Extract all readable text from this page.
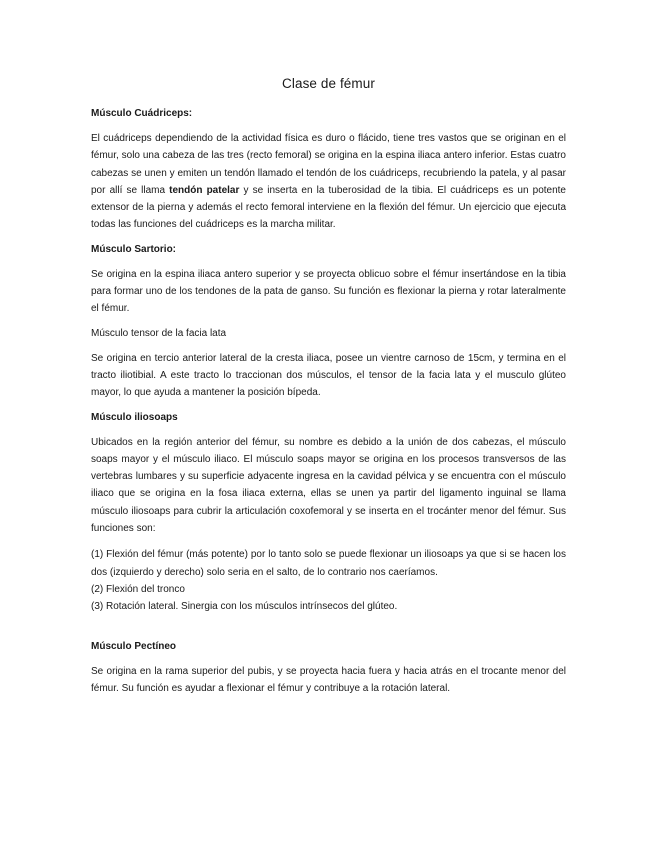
Clase de fémur
Músculo Cuádriceps:

El cuádriceps dependiendo de la actividad física es duro o flácido, tiene tres vastos que se originan en el fémur, solo una cabeza de las tres (recto femoral) se origina en la espina iliaca antero inferior. Estas cuatro cabezas se unen y emiten un tendón llamado el tendón de los cuádriceps, recubriendo la patela, y al pasar por allí se llama tendón patelar y se inserta en la tuberosidad de la tibia. El cuádriceps es un potente extensor de la pierna y además el recto femoral interviene en la flexión del fémur. Un ejercicio que ejecuta todas las funciones del cuádriceps es la marcha militar.

Músculo Sartorio:

Se origina en la espina iliaca antero superior y se proyecta oblicuo sobre el fémur insertándose en la tibia para formar uno de los tendones de la pata de ganso. Su función es flexionar la pierna y rotar lateralmente el fémur.

Músculo tensor de la facia lata

Se origina en tercio anterior lateral de la cresta iliaca, posee un vientre carnoso de 15cm, y termina en el tracto iliotibial. A este tracto lo traccionan dos músculos, el tensor de la facia lata y el musculo glúteo mayor, lo que ayuda a mantener la posición bípeda.

Músculo iliosoaps

Ubicados en la región anterior del fémur, su nombre es debido a la unión de dos cabezas, el músculo soaps mayor y el músculo iliaco. El músculo soaps mayor se origina en los procesos transversos de las vertebras lumbares y su superficie adyacente ingresa en la cavidad pélvica y se encuentra con el músculo iliaco que se origina en la fosa iliaca externa, ellas se unen ya partir del ligamento inguinal se llama músculo iliosoaps para cubrir la articulación coxofemoral y se inserta en el trocánter menor del fémur. Sus funciones son:

(1) Flexión del fémur (más potente) por lo tanto solo se puede flexionar un iliosoaps ya que si se hacen los dos (izquierdo y derecho) solo seria en el salto, de lo contrario nos caeríamos.
(2) Flexión del tronco
(3) Rotación lateral. Sinergia con los músculos intrínsecos del glúteo.
Músculo Pectíneo

Se origina en la rama superior del pubis, y se proyecta hacia fuera y hacia atrás en el trocante menor del fémur. Su función es ayudar a flexionar el fémur y contribuye a la rotación lateral.
